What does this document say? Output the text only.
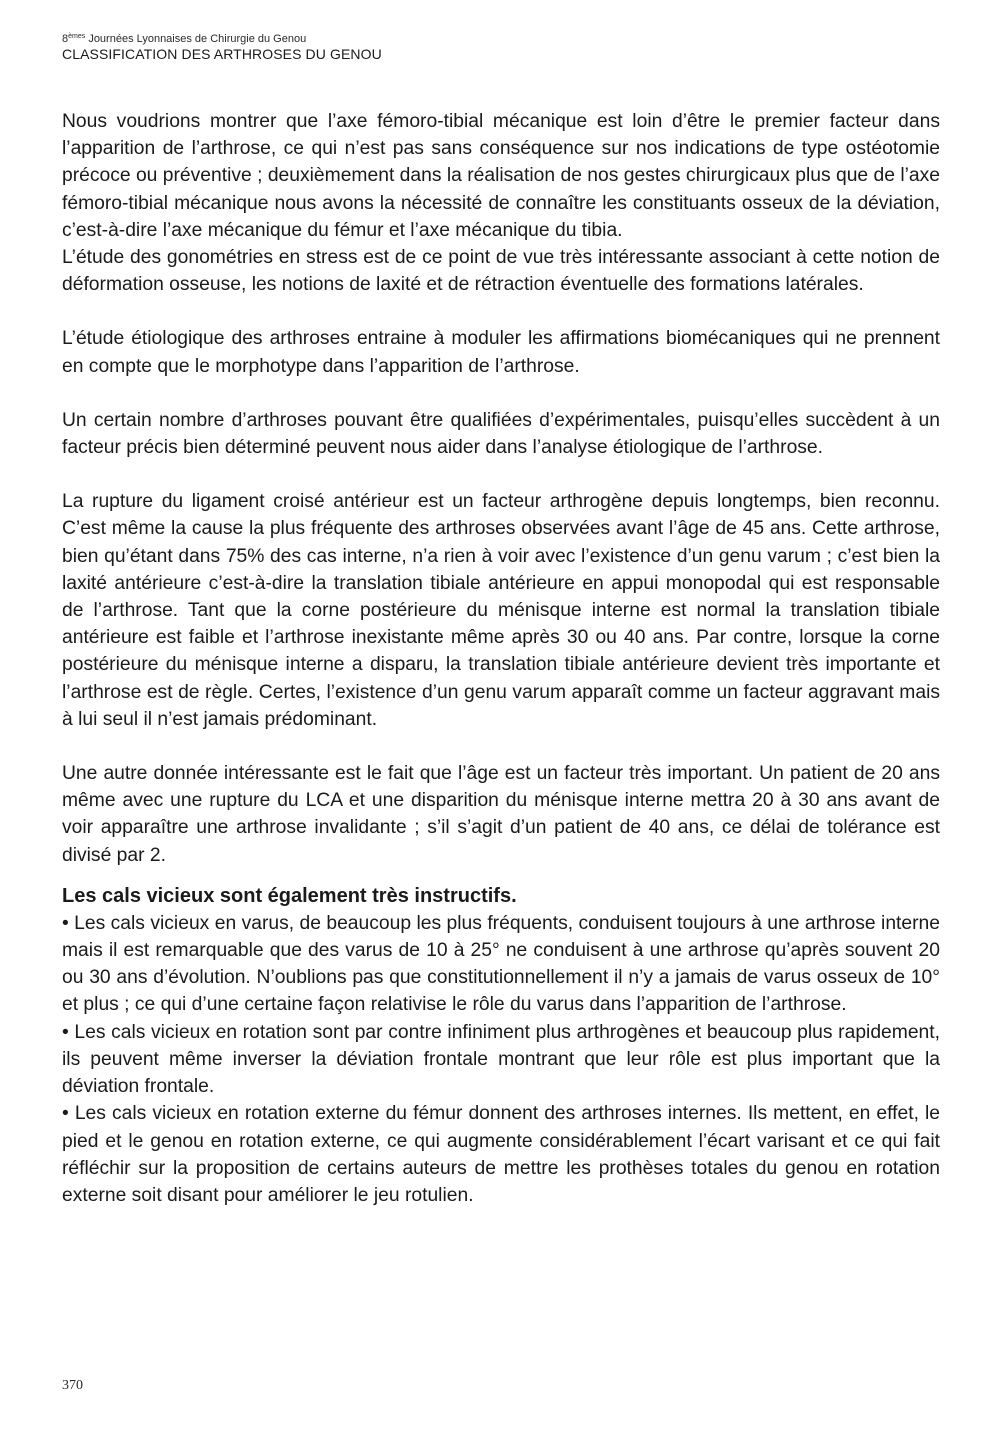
8èmes Journées Lyonnaises de Chirurgie du Genou
CLASSIFICATION DES ARTHROSES DU GENOU

Nous voudrions montrer que l’axe fémoro-tibial mécanique est loin d’être le premier facteur dans l’apparition de l’arthrose, ce qui n’est pas sans conséquence sur nos indications de type ostéotomie précoce ou préventive ; deuxièmement dans la réalisation de nos gestes chirurgicaux plus que de l’axe fémoro-tibial mécanique nous avons la nécessité de connaître les constituants osseux de la déviation, c’est-à-dire l’axe mécanique du fémur et l’axe mécanique du tibia.

L’étude des gonométries en stress est de ce point de vue très intéressante associant à cette notion de déformation osseuse, les notions de laxité et de rétraction éventuelle des formations latérales.

L’étude étiologique des arthroses entraine à moduler les affirmations biomécaniques qui ne prennent en compte que le morphotype dans l’apparition de l’arthrose.

Un certain nombre d’arthroses pouvant être qualifiées d’expérimentales, puisqu’elles succèdent à un facteur précis bien déterminé peuvent nous aider dans l’analyse étiologique de l’arthrose.

La rupture du ligament croisé antérieur est un facteur arthrogène depuis longtemps, bien reconnu. C’est même la cause la plus fréquente des arthroses observées avant l’âge de 45 ans. Cette arthrose, bien qu’étant dans 75% des cas interne, n’a rien à voir avec l’existence d’un genu varum ; c’est bien la laxité antérieure c’est-à-dire la translation tibiale antérieure en appui monopodal qui est responsable de l’arthrose. Tant que la corne postérieure du ménisque interne est normal la translation tibiale antérieure est faible et l’arthrose inexistante même après 30 ou 40 ans. Par contre, lorsque la corne postérieure du ménisque interne a disparu, la translation tibiale antérieure devient très importante et l’arthrose est de règle. Certes, l’existence d’un genu varum apparaît comme un facteur aggravant mais à lui seul il n’est jamais prédominant.

Une autre donnée intéressante est le fait que l’âge est un facteur très important. Un patient de 20 ans même avec une rupture du LCA et une disparition du ménisque interne mettra 20 à 30 ans avant de voir apparaître une arthrose invalidante ; s’il s’agit d’un patient de 40 ans, ce délai de tolérance est divisé par 2.

Les cals vicieux sont également très instructifs.

• Les cals vicieux en varus, de beaucoup les plus fréquents, conduisent toujours à une arthrose interne mais il est remarquable que des varus de 10 à 25° ne conduisent à une arthrose qu’après souvent 20 ou 30 ans d’évolution. N’oublions pas que constitutionnellement il n’y a jamais de varus osseux de 10° et plus ; ce qui d’une certaine façon relativise le rôle du varus dans l’apparition de l’arthrose.

• Les cals vicieux en rotation sont par contre infiniment plus arthrogènes et beaucoup plus rapidement, ils peuvent même inverser la déviation frontale montrant que leur rôle est plus important que la déviation frontale.

• Les cals vicieux en rotation externe du fémur donnent des arthroses internes. Ils mettent, en effet, le pied et le genou en rotation externe, ce qui augmente considérablement l’écart varisant et ce qui fait réfléchir sur la proposition de certains auteurs de mettre les prothèses totales du genou en rotation externe soit disant pour améliorer le jeu rotulien.

370
